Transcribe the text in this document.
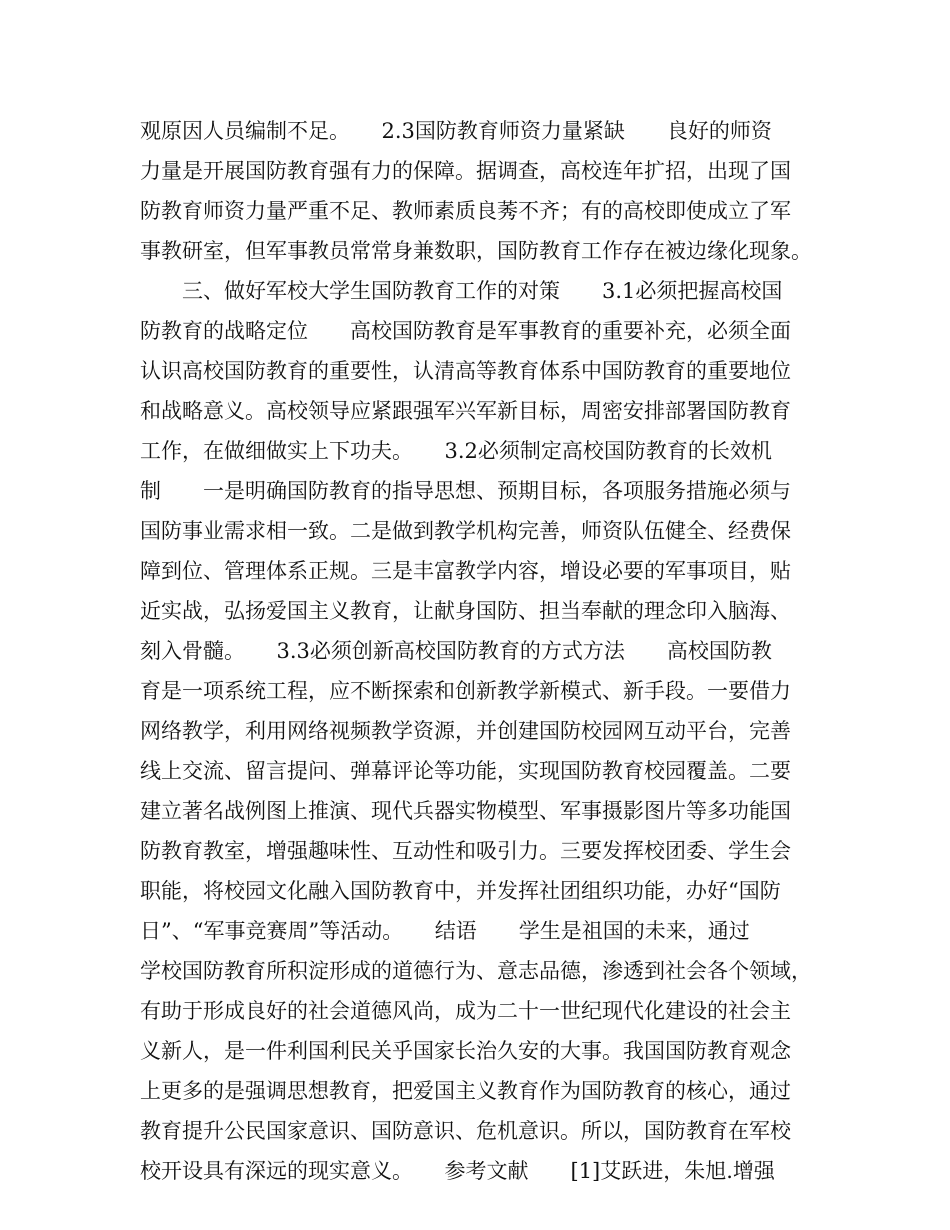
观原因人员编制不足。　　2.3国防教育师资力量紧缺　　良好的师资
力量是开展国防教育强有力的保障。据调查，高校连年扩招，出现了国
防教育师资力量严重不足、教师素质良莠不齐；有的高校即使成立了军
事教研室，但军事教员常常身兼数职，国防教育工作存在被边缘化现象。
　　三、做好军校大学生国防教育工作的对策　　3.1必须把握高校国
防教育的战略定位　　高校国防教育是军事教育的重要补充，必须全面
认识高校国防教育的重要性，认清高等教育体系中国防教育的重要地位
和战略意义。高校领导应紧跟强军兴军新目标，周密安排部署国防教育
工作，在做细做实上下功夫。　　3.2必须制定高校国防教育的长效机
制　　一是明确国防教育的指导思想、预期目标，各项服务措施必须与
国防事业需求相一致。二是做到教学机构完善，师资队伍健全、经费保
障到位、管理体系正规。三是丰富教学内容，增设必要的军事项目，贴
近实战，弘扬爱国主义教育，让献身国防、担当奉献的理念印入脑海、
刻入骨髓。　　3.3必须创新高校国防教育的方式方法　　高校国防教
育是一项系统工程，应不断探索和创新教学新模式、新手段。一要借力
网络教学，利用网络视频教学资源，并创建国防校园网互动平台，完善
线上交流、留言提问、弹幕评论等功能，实现国防教育校园覆盖。二要
建立著名战例图上推演、现代兵器实物模型、军事摄影图片等多功能国
防教育教室，增强趣味性、互动性和吸引力。三要发挥校团委、学生会
职能，将校园文化融入国防教育中，并发挥社团组织功能，办好“国防
日”、“军事竞赛周”等活动。　　结语　　学生是祖国的未来，通过
学校国防教育所积淀形成的道德行为、意志品德，渗透到社会各个领域，
有助于形成良好的社会道德风尚，成为二十一世纪现代化建设的社会主
义新人，是一件利国利民关乎国家长治久安的大事。我国国防教育观念
上更多的是强调思想教育，把爱国主义教育作为国防教育的核心，通过
教育提升公民国家意识、国防意识、危机意识。所以，国防教育在军校
校开设具有深远的现实意义。　　参考文献　　[1]艾跃进，朱旭.增强
